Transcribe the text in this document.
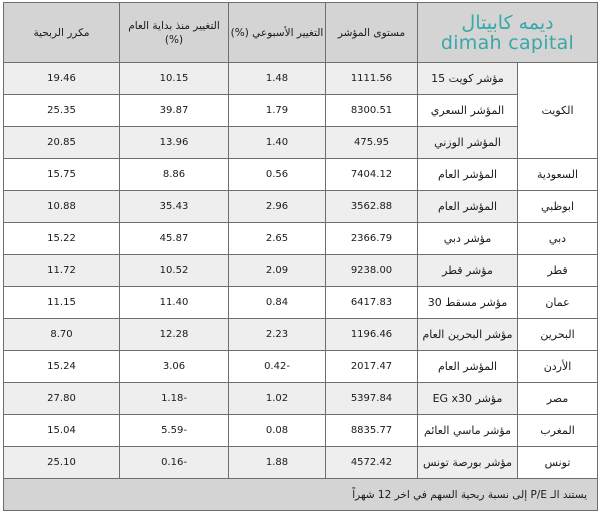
ديمه كابيتال
dimah capital		مستوى المؤشر	التغيير الأسبوعي (%)	التغيير منذ بداية العام (%)	مكرر الربحية
الكويت	مؤشر كويت 15	1111.56	1.48	10.15	19.46
	المؤشر السعري	8300.51	1.79	39.87	25.35
	المؤشر الوزني	475.95	1.40	13.96	20.85
السعودية	المؤشر العام	7404.12	0.56	8.86	15.75
ابوظبي	المؤشر العام	3562.88	2.96	35.43	10.88
دبي	مؤشر دبي	2366.79	2.65	45.87	15.22
قطر	مؤشر قطر	9238.00	2.09	10.52	11.72
عمان	مؤشر مسقط 30	6417.83	0.84	11.40	11.15
البحرين	مؤشر البحرين العام	1196.46	2.23	12.28	8.70
الأردن	المؤشر العام	2017.47	-0.42	3.06	15.24
مصر	مؤشر EG x30	5397.84	1.02	-1.18	27.80
المغرب	مؤشر ماسي العائم	8835.77	0.08	-5.59	15.04
تونس	مؤشر بورصة تونس	4572.42	1.88	-0.16	25.10
يستند الـ P/E إلى نسبة ربحية السهم في اخر 12 شهراً					
